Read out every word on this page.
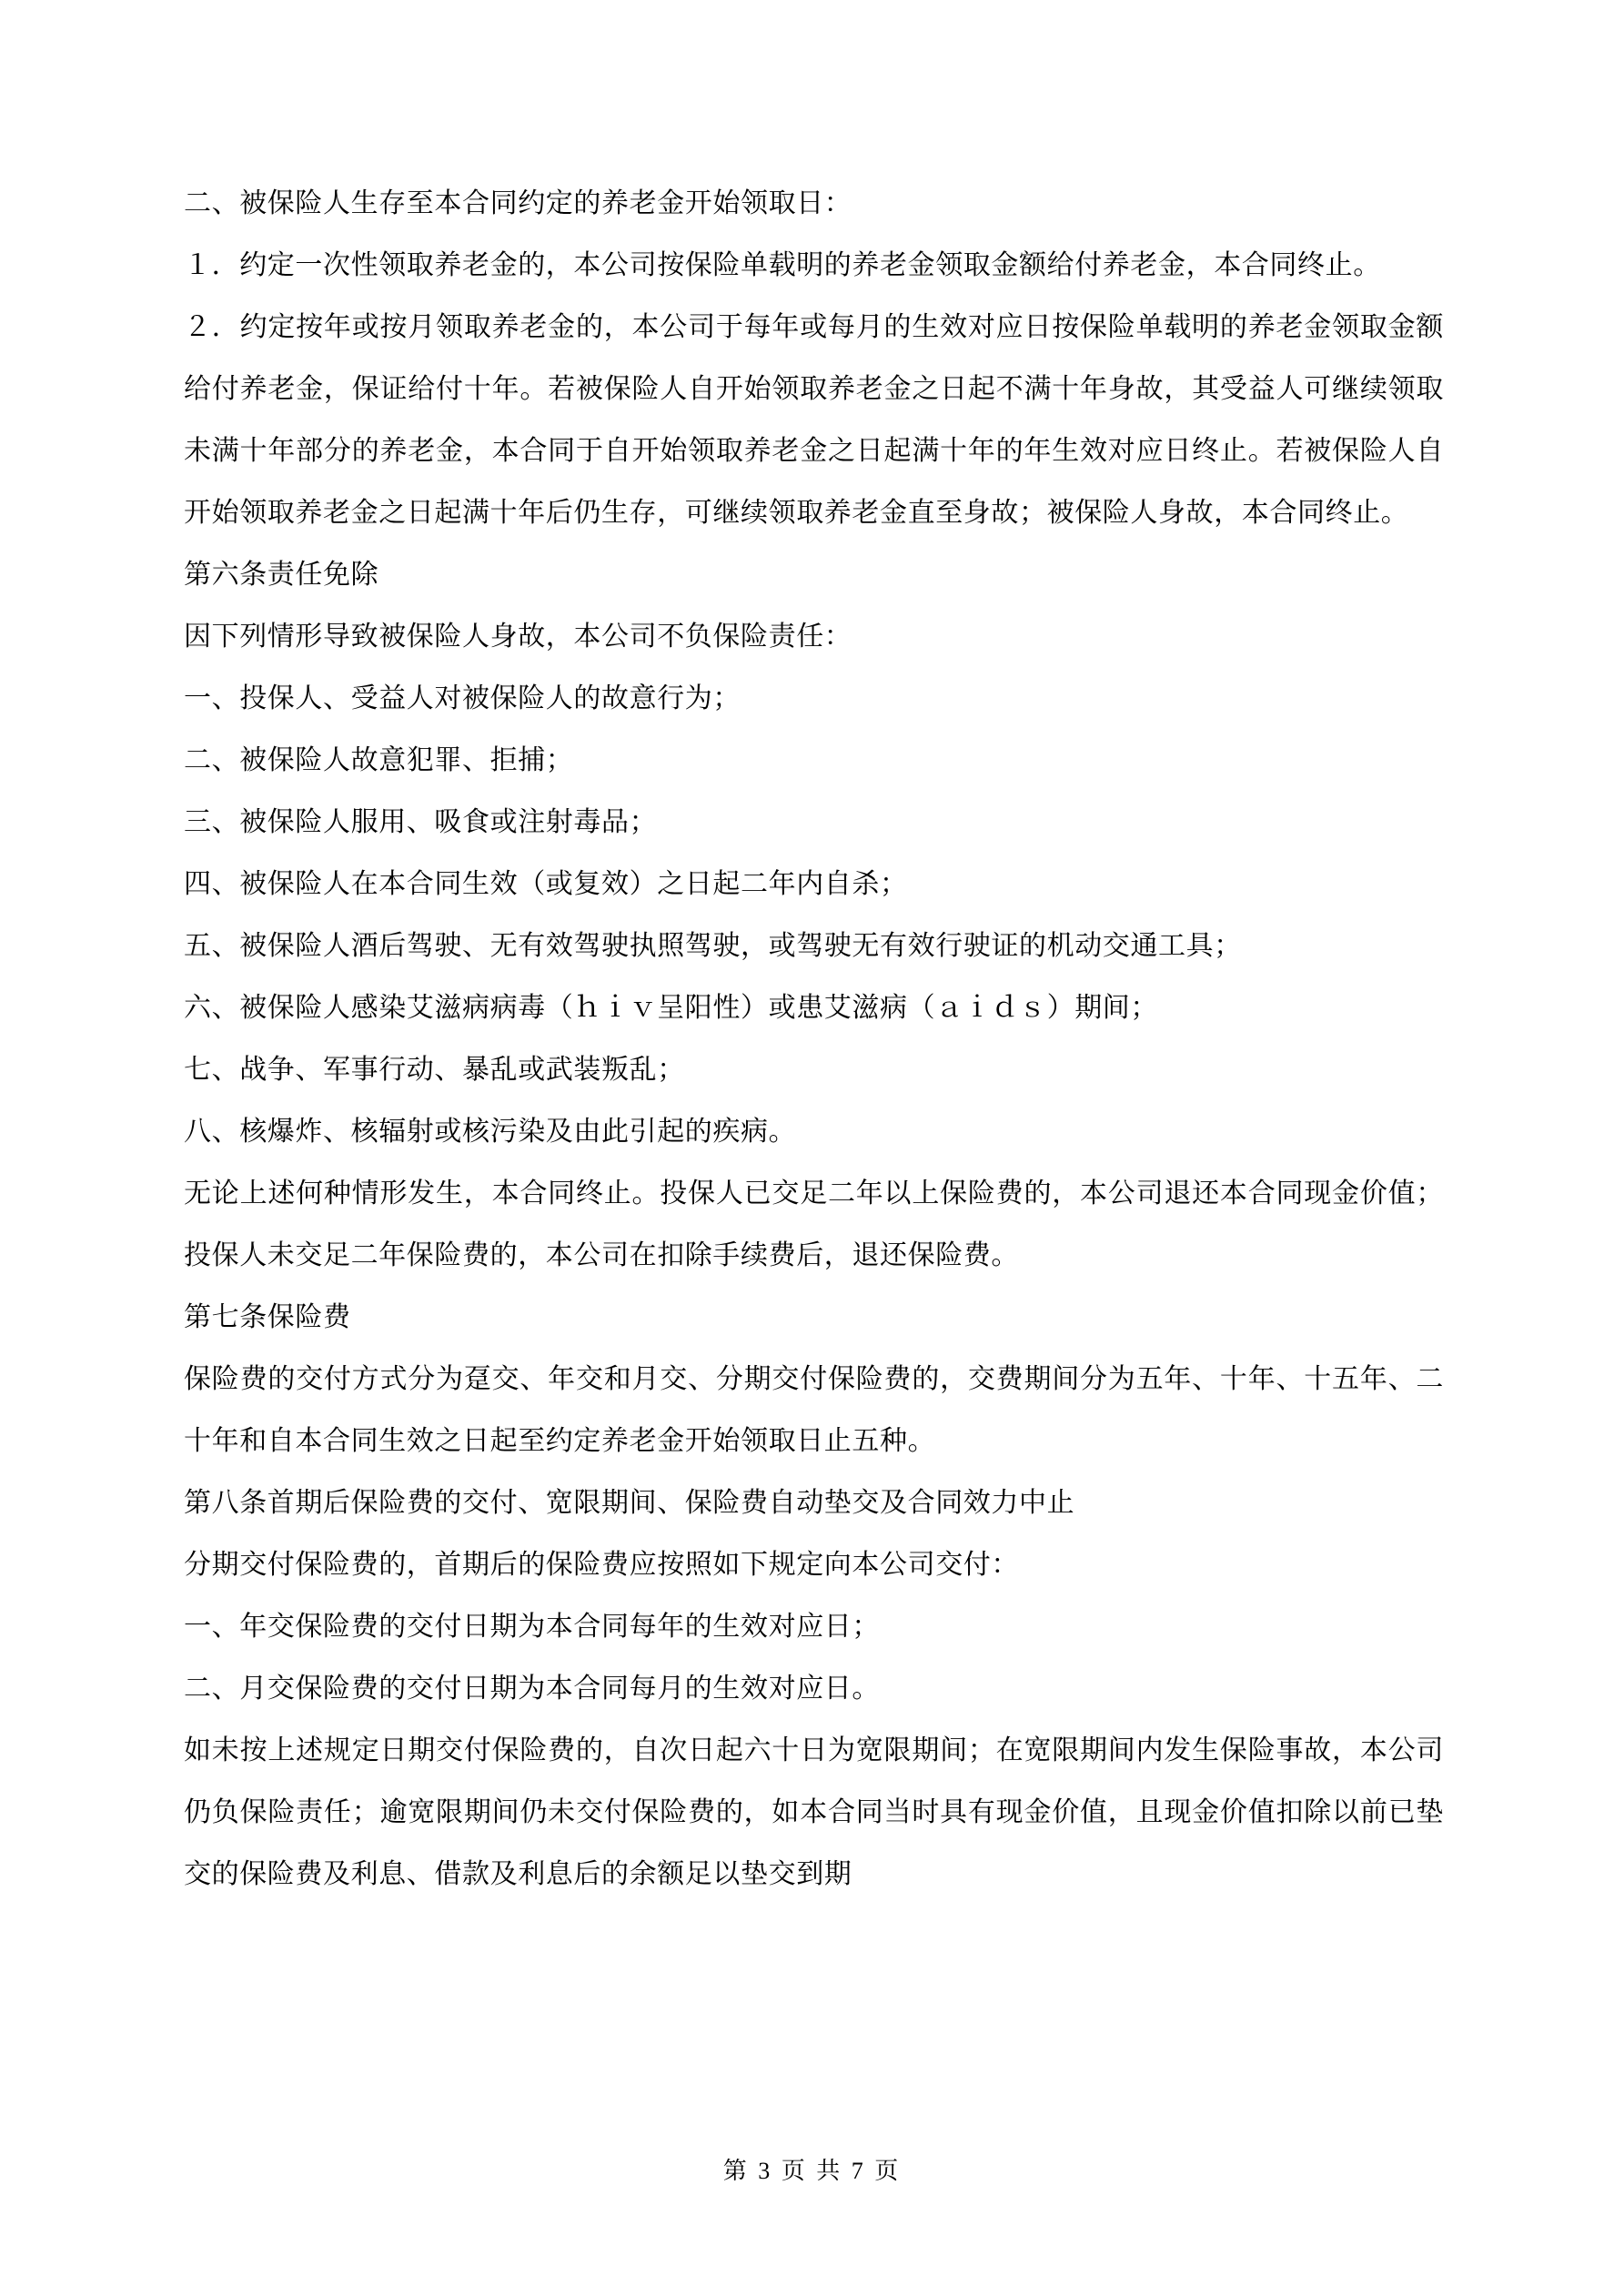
二、被保险人生存至本合同约定的养老金开始领取日：

１．约定一次性领取养老金的，本公司按保险单载明的养老金领取金额给付养老金，本合同终止。

２．约定按年或按月领取养老金的，本公司于每年或每月的生效对应日按保险单载明的养老金领取金额给付养老金，保证给付十年。若被保险人自开始领取养老金之日起不满十年身故，其受益人可继续领取未满十年部分的养老金，本合同于自开始领取养老金之日起满十年的年生效对应日终止。若被保险人自开始领取养老金之日起满十年后仍生存，可继续领取养老金直至身故；被保险人身故，本合同终止。

第六条责任免除

因下列情形导致被保险人身故，本公司不负保险责任：

一、投保人、受益人对被保险人的故意行为；

二、被保险人故意犯罪、拒捕；

三、被保险人服用、吸食或注射毒品；

四、被保险人在本合同生效（或复效）之日起二年内自杀；

五、被保险人酒后驾驶、无有效驾驶执照驾驶，或驾驶无有效行驶证的机动交通工具；

六、被保险人感染艾滋病病毒（ｈｉｖ呈阳性）或患艾滋病（ａｉｄｓ）期间；

七、战争、军事行动、暴乱或武装叛乱；

八、核爆炸、核辐射或核污染及由此引起的疾病。

无论上述何种情形发生，本合同终止。投保人已交足二年以上保险费的，本公司退还本合同现金价值；投保人未交足二年保险费的，本公司在扣除手续费后，退还保险费。

第七条保险费

保险费的交付方式分为趸交、年交和月交、分期交付保险费的，交费期间分为五年、十年、十五年、二十年和自本合同生效之日起至约定养老金开始领取日止五种。

第八条首期后保险费的交付、宽限期间、保险费自动垫交及合同效力中止

分期交付保险费的，首期后的保险费应按照如下规定向本公司交付：

一、年交保险费的交付日期为本合同每年的生效对应日；

二、月交保险费的交付日期为本合同每月的生效对应日。

如未按上述规定日期交付保险费的，自次日起六十日为宽限期间；在宽限期间内发生保险事故，本公司仍负保险责任；逾宽限期间仍未交付保险费的，如本合同当时具有现金价值，且现金价值扣除以前已垫交的保险费及利息、借款及利息后的余额足以垫交到期

第 3 页 共 7 页
